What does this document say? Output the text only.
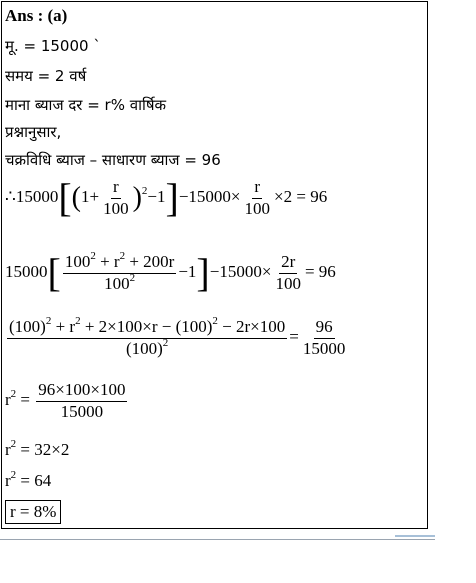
Ans : (a)
मू. = 15000 `
समय = 2 वर्ष
माना ब्याज दर = r% वार्षिक
प्रश्नानुसार,
चक्रविधि ब्याज – साधारण ब्याज = 96
∴15000[(1+ $\frac{r}{100} )^2-1]-15000\times \frac{r}{100} \times 2 = 96$
$15000[ \frac{100^2 + r^2 + 200r}{100^2} -1]-15000\times \frac{2r}{100} = 96$
$\frac{(100)^2 + r^2 + 2\times 100\times r - (100)^2 - 2r\times 100}{(100)^2} = \frac{96}{15000}$
$r^2 = \frac{96\times 100\times 100}{15000}$
$r^2 = 32\times 2$
$r^2 = 64$
r = 8%
